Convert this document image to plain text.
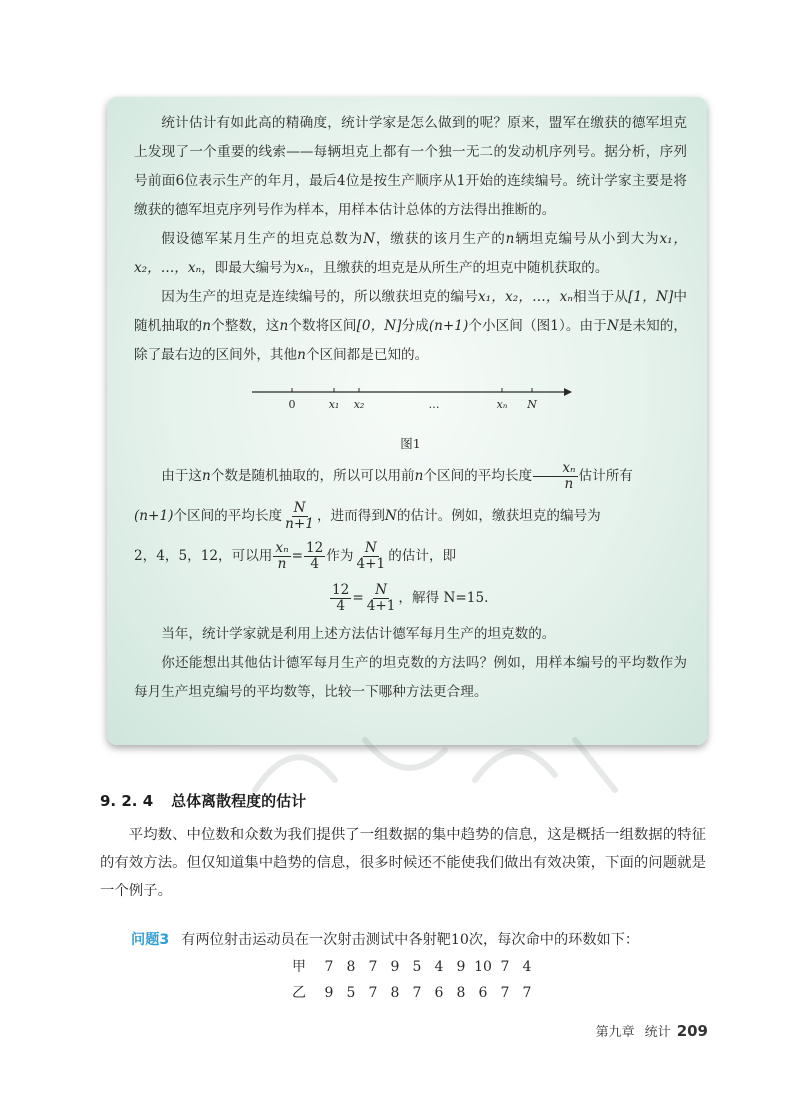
统计估计有如此高的精确度，统计学家是怎么做到的呢？原来，盟军在缴获的德军坦克上发现了一个重要的线索——每辆坦克上都有一个独一无二的发动机序列号。据分析，序列号前面6位表示生产的年月，最后4位是按生产顺序从1开始的连续编号。统计学家主要是将缴获的德军坦克序列号作为样本，用样本估计总体的方法得出推断的。

假设德军某月生产的坦克总数为N，缴获的该月生产的n辆坦克编号从小到大为x₁，x₂，…，xₙ，即最大编号为xₙ，且缴获的坦克是从所生产的坦克中随机获取的。

因为生产的坦克是连续编号的，所以缴获坦克的编号x₁，x₂，…，xₙ相当于从[1，N]中随机抽取的n个整数，这n个数将区间[0，N]分成(n+1)个小区间（图1）。由于N是未知的，除了最右边的区间外，其他n个区间都是已知的。

0	x₁ x₂	…	xₙ N

图1

由于这n个数是随机抽取的，所以可以用前n个区间的平均长度 $\frac{\text{xₙ}}{n}$ 估计所有

(n+1)个区间的平均长度 $\frac{N}{n+1}$ ，进而得到N的估计。例如，缴获坦克的编号为

2，4，5，12，可以用 $\frac{\text{xₙ}}{n} = \frac{12}{4}$ 作为 $\frac{N}{4+1}$ 的估计，即

$\frac{12}{4} = \frac{N}{4+1}$ ，解得 N=15.

当年，统计学家就是利用上述方法估计德军每月生产的坦克数的。

你还能想出其他估计德军每月生产的坦克数的方法吗？例如，用样本编号的平均数作为每月生产坦克编号的平均数等，比较一下哪种方法更合理。

9. 2. 4 总体离散程度的估计

平均数、中位数和众数为我们提供了一组数据的集中趋势的信息，这是概括一组数据的特征的有效方法。但仅知道集中趋势的信息，很多时候还不能使我们做出有效决策，下面的问题就是一个例子。

问题3 有两位射击运动员在一次射击测试中各射靶10次，每次命中的环数如下：
甲	7 8 7 9 5 4 9 10 7 4
乙	9 5 7 8 7 6 8 6 7 7
第九章 统计 209
